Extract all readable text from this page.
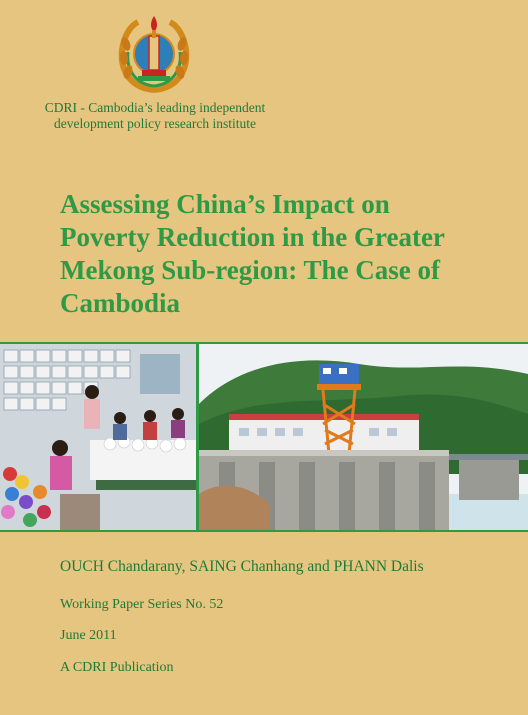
CDRI - Cambodia’s leading independent
development policy research institute
Assessing China’s Impact on
Poverty Reduction in the Greater
Mekong Sub-region: The Case of
Cambodia
OUCH Chandarany, SAING Chanhang and PHANN Dalis
Working Paper Series No. 52
June 2011
A CDRI Publication
